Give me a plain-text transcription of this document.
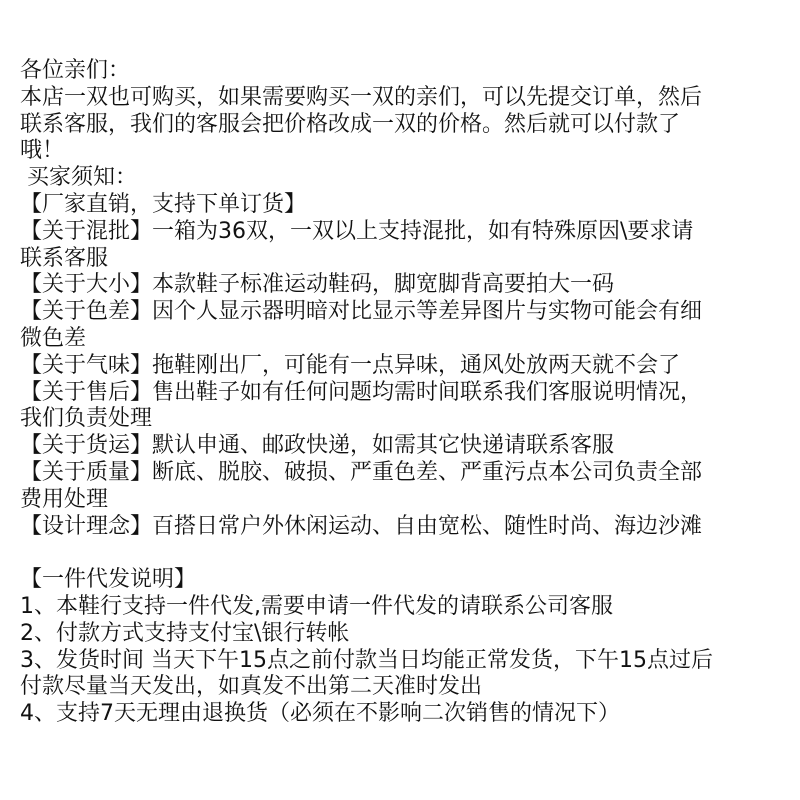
各位亲们：
本店一双也可购买，如果需要购买一双的亲们，可以先提交订单，然后
联系客服，我们的客服会把价格改成一双的价格。然后就可以付款了
哦！
买家须知：
【厂家直销，支持下单订货】
【关于混批】一箱为36双，一双以上支持混批，如有特殊原因\要求请
联系客服
【关于大小】本款鞋子标准运动鞋码，脚宽脚背高要拍大一码
【关于色差】因个人显示器明暗对比显示等差异图片与实物可能会有细
微色差
【关于气味】拖鞋刚出厂，可能有一点异味，通风处放两天就不会了
【关于售后】售出鞋子如有任何问题均需时间联系我们客服说明情况，
我们负责处理
【关于货运】默认申通、邮政快递，如需其它快递请联系客服
【关于质量】断底、脱胶、破损、严重色差、严重污点本公司负责全部
费用处理
【设计理念】百搭日常户外休闲运动、自由宽松、随性时尚、海边沙滩
【一件代发说明】
1、本鞋行支持一件代发,需要申请一件代发的请联系公司客服
2、付款方式支持支付宝\银行转帐
3、发货时间 当天下午15点之前付款当日均能正常发货，下午15点过后
付款尽量当天发出，如真发不出第二天准时发出
4、支持7天无理由退换货（必须在不影响二次销售的情况下）
